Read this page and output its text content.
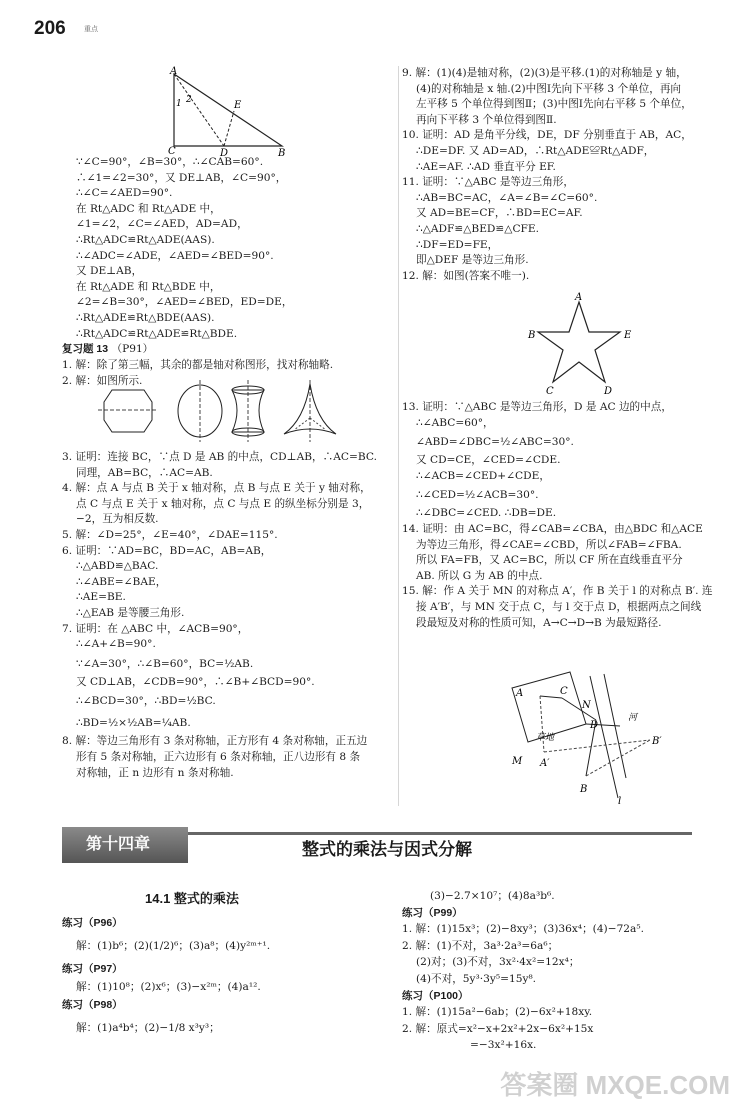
206	重点
A
C	D	B
E
1 2
∵∠C=90°，∠B=30°，∴∠CAB=60°.
∴∠1=∠2=30°，又 DE⊥AB，∠C=90°，
∴∠C=∠AED=90°.
在 Rt△ADC 和 Rt△ADE 中，
∠1=∠2，∠C=∠AED，AD=AD，
∴Rt△ADC≌Rt△ADE(AAS).
∴∠ADC=∠ADE，∠AED=∠BED=90°.
又 DE⊥AB，
在 Rt△ADE 和 Rt△BDE 中，
∠2=∠B=30°，∠AED=∠BED，ED=DE，
∴Rt△ADE≌Rt△BDE(AAS).
∴Rt△ADC≌Rt△ADE≌Rt△BDE.
复习题 13 （P91）
1. 解：除了第三幅，其余的都是轴对称图形，找对称轴略.
2. 解：如图所示.
3. 证明：连接 BC，∵点 D 是 AB 的中点，CD⊥AB，∴AC=BC.
同理，AB=BC，∴AC=AB.
4. 解：点 A 与点 B 关于 x 轴对称，点 B 与点 E 关于 y 轴对称，
点 C 与点 E 关于 x 轴对称，点 C 与点 E 的纵坐标分别是 3，
−2，互为相反数.
5. 解：∠D=25°，∠E=40°，∠DAE=115°.
6. 证明：∵AD=BC，BD=AC，AB=AB，
∴△ABD≌△BAC.
∴∠ABE=∠BAE，
∴AE=BE.
∴△EAB 是等腰三角形.
7. 证明：在 △ABC 中，∠ACB=90°，
∴∠A+∠B=90°.
∵∠A=30°，∴∠B=60°，BC=½AB.
又 CD⊥AB，∠CDB=90°，∴∠B+∠BCD=90°.
∴∠BCD=30°，∴BD=½BC.
∴BD=½×½AB=¼AB.
8. 解：等边三角形有 3 条对称轴，正方形有 4 条对称轴，正五边
形有 5 条对称轴，正六边形有 6 条对称轴，正八边形有 8 条
对称轴，正 n 边形有 n 条对称轴.
9. 解：(1)(4)是轴对称，(2)(3)是平移.(1)的对称轴是 y 轴，
(4)的对称轴是 x 轴.(2)中图Ⅰ先向下平移 3 个单位，再向
左平移 5 个单位得到图Ⅱ；(3)中图Ⅰ先向右平移 5 个单位，
再向下平移 3 个单位得到图Ⅱ.
10. 证明：AD 是角平分线，DE，DF 分别垂直于 AB，AC，
∴DE=DF. 又 AD=AD，∴Rt△ADE≌Rt△ADF，
∴AE=AF. ∴AD 垂直平分 EF.
11. 证明：∵△ABC 是等边三角形，
∴AB=BC=AC，∠A=∠B=∠C=60°.
又 AD=BE=CF，∴BD=EC=AF.
∴△ADF≌△BED≌△CFE.
∴DF=ED=FE，
即△DEF 是等边三角形.
12. 解：如图(答案不唯一).
A
B	E
C	D
13. 证明：∵△ABC 是等边三角形，D 是 AC 边的中点，
∴∠ABC=60°，
∠ABD=∠DBC=½∠ABC=30°.
又 CD=CE，∠CED=∠CDE.
∴∠ACB=∠CED+∠CDE，
∴∠CED=½∠ACB=30°.
∴∠DBC=∠CED. ∴DB=DE.
14. 证明：由 AC=BC，得∠CAB=∠CBA，由△BDC 和△ACE
为等边三角形，得∠CAE=∠CBD，所以∠FAB=∠FBA.
所以 FA=FB，又 AC=BC，所以 CF 所在直线垂直平分
AB. 所以 G 为 AB 的中点.
15. 解：作 A 关于 MN 的对称点 A′，作 B 关于 l 的对称点 B′. 连
接 A′B′，与 MN 交于点 C，与 l 交于点 D，根据两点之间线
段最短及对称的性质可知，A→C→D→B 为最短路径.
A	C
N
D
草地
河
M A′
B′
B
l
第十四章	整式的乘法与因式分解
14.1 整式的乘法
练习（P96）
解：(1)b⁶；(2)(1/2)⁶；(3)a⁸；(4)y²ᵐ⁺¹.
练习（P97）
解：(1)10⁸；(2)x⁶；(3)−x²ᵐ；(4)a¹².
练习（P98）
解：(1)a⁴b⁴；(2)−1/8 x³y³；
(3)−2.7×10⁷；(4)8a³b⁶.
练习（P99）
1. 解：(1)15x³；(2)−8xy³；(3)36x⁴；(4)−72a⁵.
2. 解：(1)不对，3a³·2a³=6a⁶；
(2)对；(3)不对，3x²·4x²=12x⁴；
(4)不对，5y³·3y⁵=15y⁸.
练习（P100）
1. 解：(1)15a²−6ab；(2)−6x²+18xy.
2. 解：原式=x²−x+2x²+2x−6x²+15x
=−3x²+16x.
答案圈 MXQE.COM
